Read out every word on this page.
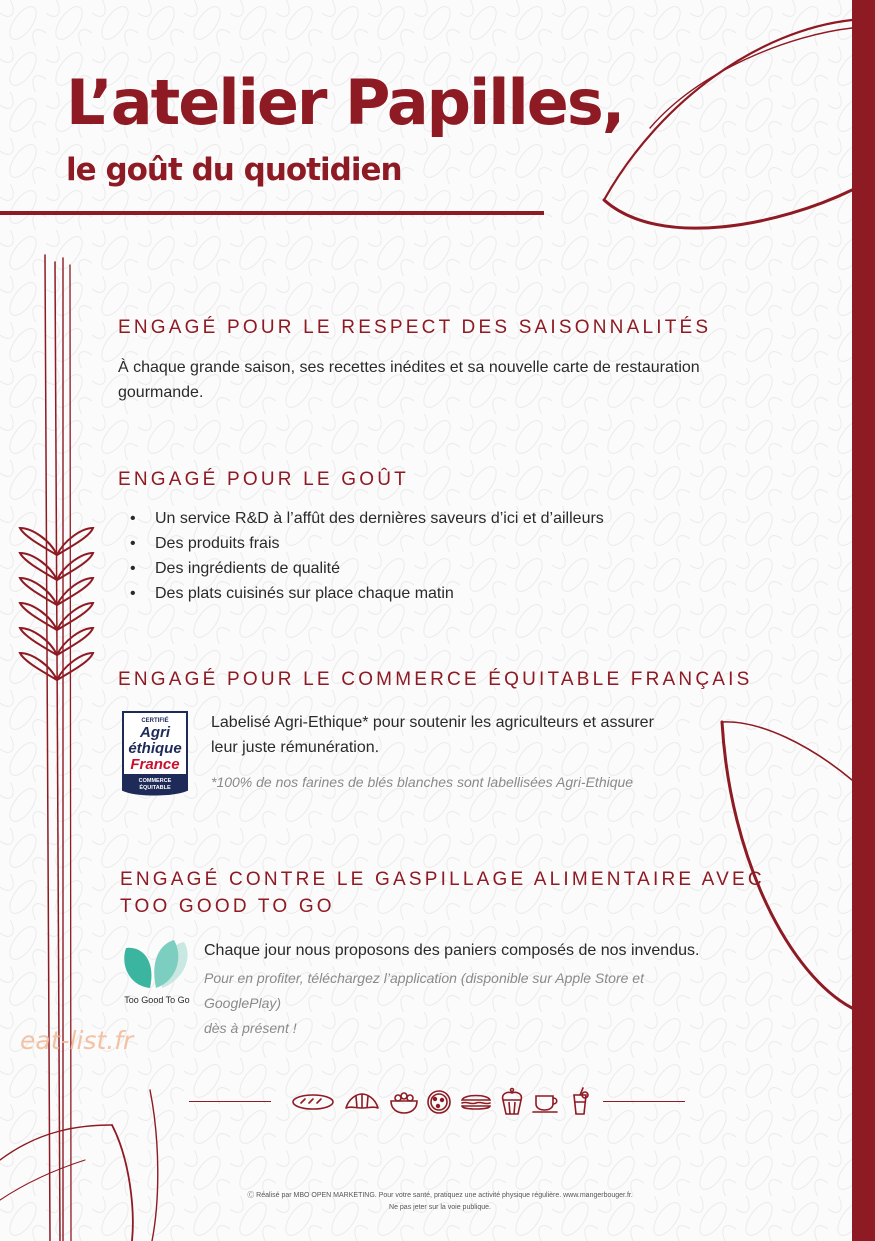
L’atelier Papilles,
le goût du quotidien
ENGAGÉ POUR LE RESPECT DES SAISONNALITÉS

À chaque grande saison, ses recettes inédites et sa nouvelle carte de restauration gourmande.

ENGAGÉ POUR LE GOÛT
• Un service R&D à l’affût des dernières saveurs d’ici et d’ailleurs
• Des produits frais
• Des ingrédients de qualité
• Des plats cuisinés sur place chaque matin
ENGAGÉ POUR LE COMMERCE ÉQUITABLE FRANÇAIS
CERTIFIÉ
Agri
éthique
France
COMMERCE
ÉQUITABLE

Labelisé Agri-Ethique* pour soutenir les agriculteurs et assurer leur juste rémunération.

*100% de nos farines de blés blanches sont labellisées Agri-Ethique

ENGAGÉ CONTRE LE GASPILLAGE ALIMENTAIRE AVEC
TOO GOOD TO GO
Too Good To Go

Chaque jour nous proposons des paniers composés de nos invendus.

Pour en profiter, téléchargez l’application (disponible sur Apple Store et GooglePlay)
dès à présent !

eat-list.fr

Ⓒ Réalisé par MBO OPEN MARKETING. Pour votre santé, pratiquez une activité physique régulière. www.mangerbouger.fr.
Ne pas jeter sur la voie publique.
